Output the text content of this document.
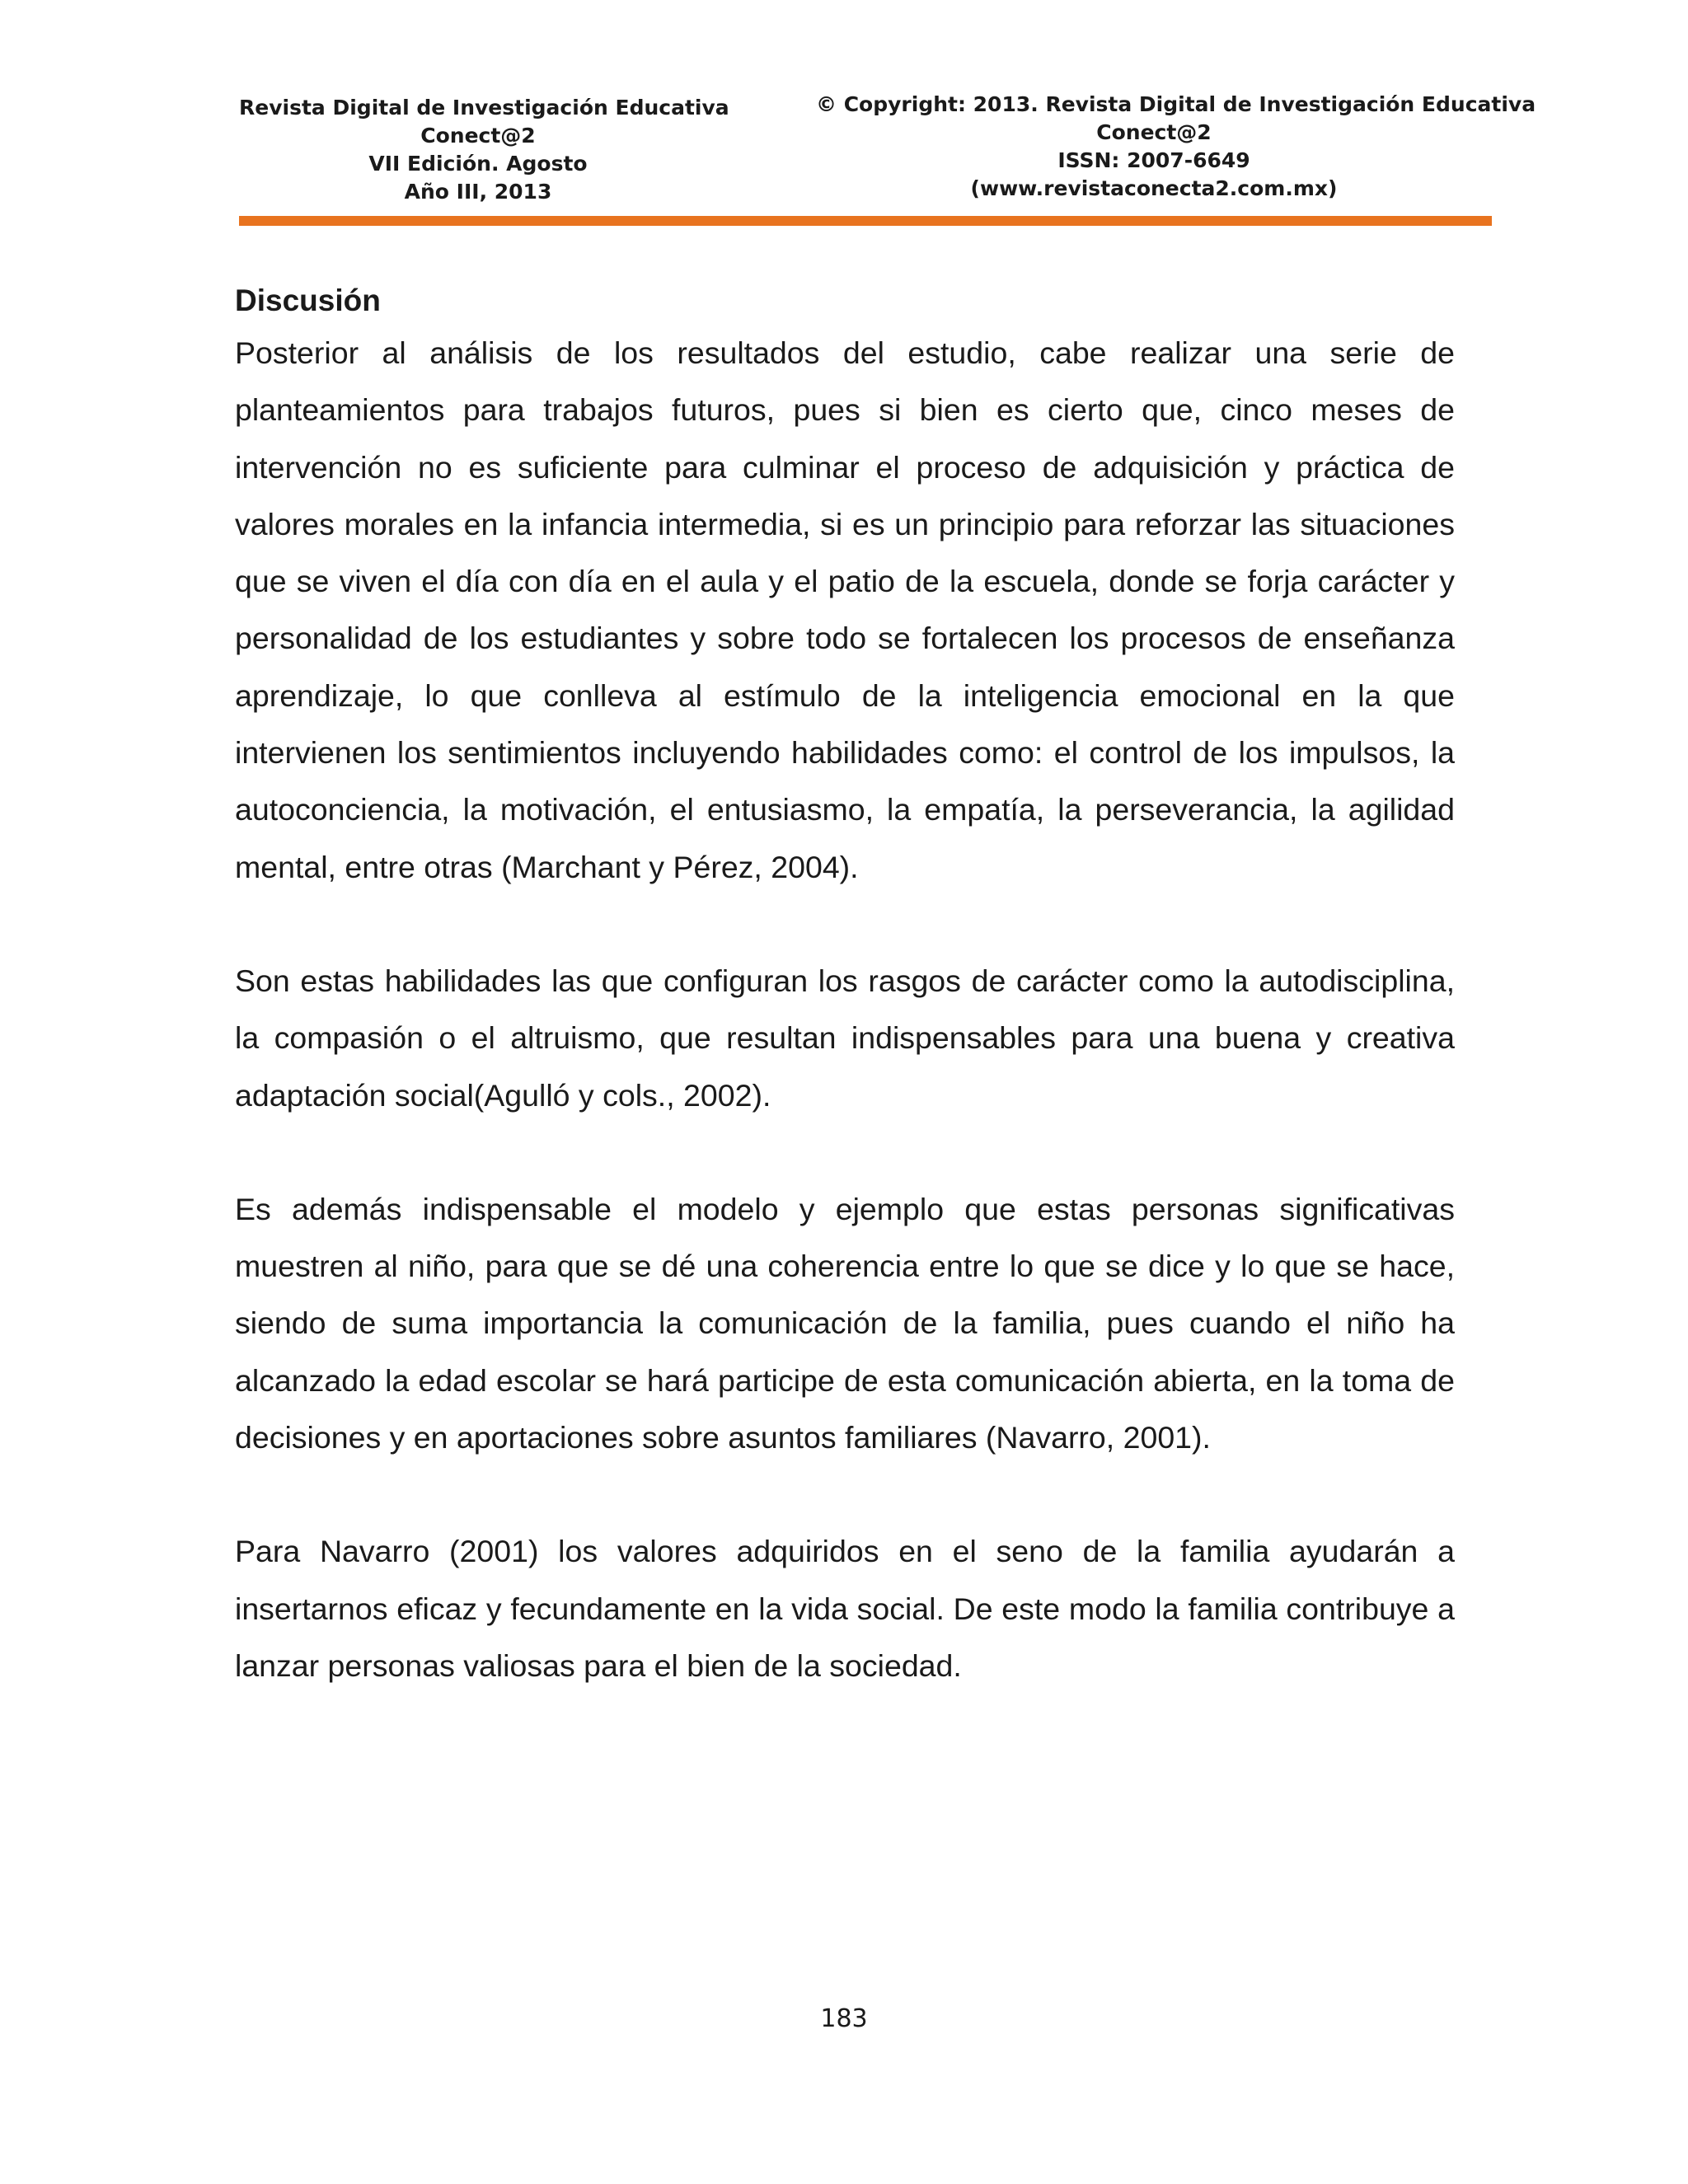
Revista Digital de Investigación Educativa
Conect@2
VII Edición. Agosto
Año III, 2013
© Copyright: 2013. Revista Digital de Investigación Educativa
Conect@2
ISSN: 2007-6649
(www.revistaconecta2.com.mx)
Discusión

Posterior al análisis de los resultados del estudio, cabe realizar una serie de planteamientos para trabajos futuros, pues si bien es cierto que, cinco meses de intervención no es suficiente para culminar el proceso de adquisición y práctica de valores morales en la infancia intermedia, si es un principio para reforzar las situaciones que se viven el día con día en el aula y el patio de la escuela, donde se forja carácter y personalidad de los estudiantes y sobre todo se fortalecen los procesos de enseñanza aprendizaje, lo que conlleva al estímulo de la inteligencia emocional en la que intervienen los sentimientos incluyendo habilidades como: el control de los impulsos, la autoconciencia, la motivación, el entusiasmo, la empatía, la perseverancia, la agilidad mental, entre otras (Marchant y Pérez, 2004).

Son estas habilidades las que configuran los rasgos de carácter como la autodisciplina, la compasión o el altruismo, que resultan indispensables para una buena y creativa adaptación social(Agulló y cols., 2002).

Es además indispensable el modelo y ejemplo que estas personas significativas muestren al niño, para que se dé una coherencia entre lo que se dice y lo que se hace, siendo de suma importancia la comunicación de la familia, pues cuando el niño ha alcanzado la edad escolar se hará participe de esta comunicación abierta, en la toma de decisiones y en aportaciones sobre asuntos familiares (Navarro, 2001).

Para Navarro (2001) los valores adquiridos en el seno de la familia ayudarán a insertarnos eficaz y fecundamente en la vida social. De este modo la familia contribuye a lanzar personas valiosas para el bien de la sociedad.

183
